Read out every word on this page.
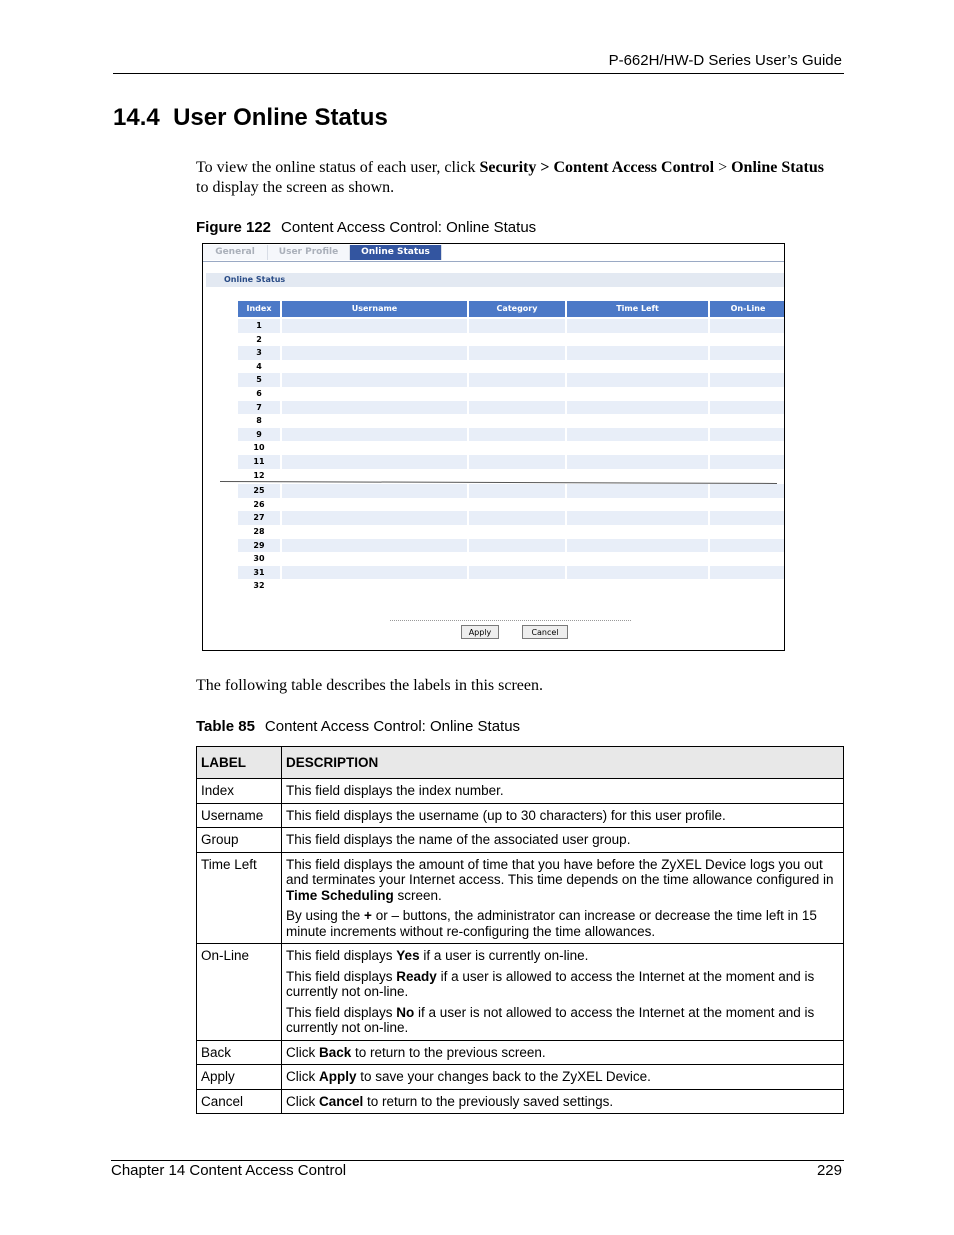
P-662H/HW-D Series User’s Guide
14.4 User Online Status
To view the online status of each user, click Security > Content Access Control > Online Status to display the screen as shown.
Figure 122 Content Access Control: Online Status
General	User Profile	Online Status
Online Status
Index	Username	Category	Time Left	On-Line
1
2
3
4
5
6
7
8
9
10
11
12
25
26
27
28
29
30
31
32
Apply	Cancel
The following table describes the labels in this screen.
Table 85 Content Access Control: Online Status
LABEL	DESCRIPTION
Index	This field displays the index number.
Username	This field displays the username (up to 30 characters) for this user profile.
Group	This field displays the name of the associated user group.
Time Left	This field displays the amount of time that you have before the ZyXEL Device logs you out and terminates your Internet access. This time depends on the time allowance configured in Time Scheduling screen.

By using the + or – buttons, the administrator can increase or decrease the time left in 15 minute increments without re-configuring the time allowances.

On-Line	This field displays Yes if a user is currently on-line.

This field displays Ready if a user is allowed to access the Internet at the moment and is currently not on-line.

This field displays No if a user is not allowed to access the Internet at the moment and is currently not on-line.

Back	Click Back to return to the previous screen.
Apply	Click Apply to save your changes back to the ZyXEL Device.
Cancel	Click Cancel to return to the previously saved settings.
Chapter 14 Content Access Control	229
